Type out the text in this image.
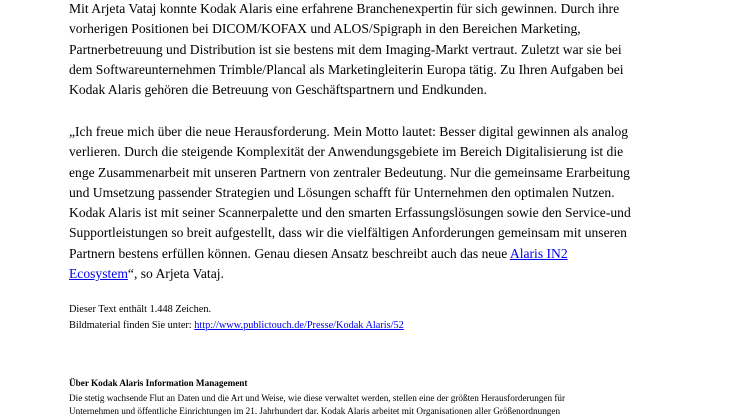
Mit Arjeta Vataj konnte Kodak Alaris eine erfahrene Branchenexpertin für sich gewinnen. Durch ihre
vorherigen Positionen bei DICOM/KOFAX und ALOS/Spigraph in den Bereichen Marketing,
Partnerbetreuung und Distribution ist sie bestens mit dem Imaging-Markt vertraut. Zuletzt war sie bei
dem Softwareunternehmen Trimble/Plancal als Marketingleiterin Europa tätig. Zu Ihren Aufgaben bei
Kodak Alaris gehören die Betreuung von Geschäftspartnern und Endkunden.

„Ich freue mich über die neue Herausforderung. Mein Motto lautet: Besser digital gewinnen als analog
verlieren. Durch die steigende Komplexität der Anwendungsgebiete im Bereich Digitalisierung ist die
enge Zusammenarbeit mit unseren Partnern von zentraler Bedeutung. Nur die gemeinsame Erarbeitung
und Umsetzung passender Strategien und Lösungen schafft für Unternehmen den optimalen Nutzen.
Kodak Alaris ist mit seiner Scannerpalette und den smarten Erfassungslösungen sowie den Service-und
Supportleistungen so breit aufgestellt, dass wir die vielfältigen Anforderungen gemeinsam mit unseren
Partnern bestens erfüllen können. Genau diesen Ansatz beschreibt auch das neue Alaris IN2
Ecosystem“, so Arjeta Vataj.

Dieser Text enthält 1.448 Zeichen.
Bildmaterial finden Sie unter: http://www.publictouch.de/Presse/Kodak Alaris/52
Über Kodak Alaris Information Management
Die stetig wachsende Flut an Daten und die Art und Weise, wie diese verwaltet werden, stellen eine der größten Herausforderungen für
Unternehmen und öffentliche Einrichtungen im 21. Jahrhundert dar. Kodak Alaris arbeitet mit Organisationen aller Größenordnungen
